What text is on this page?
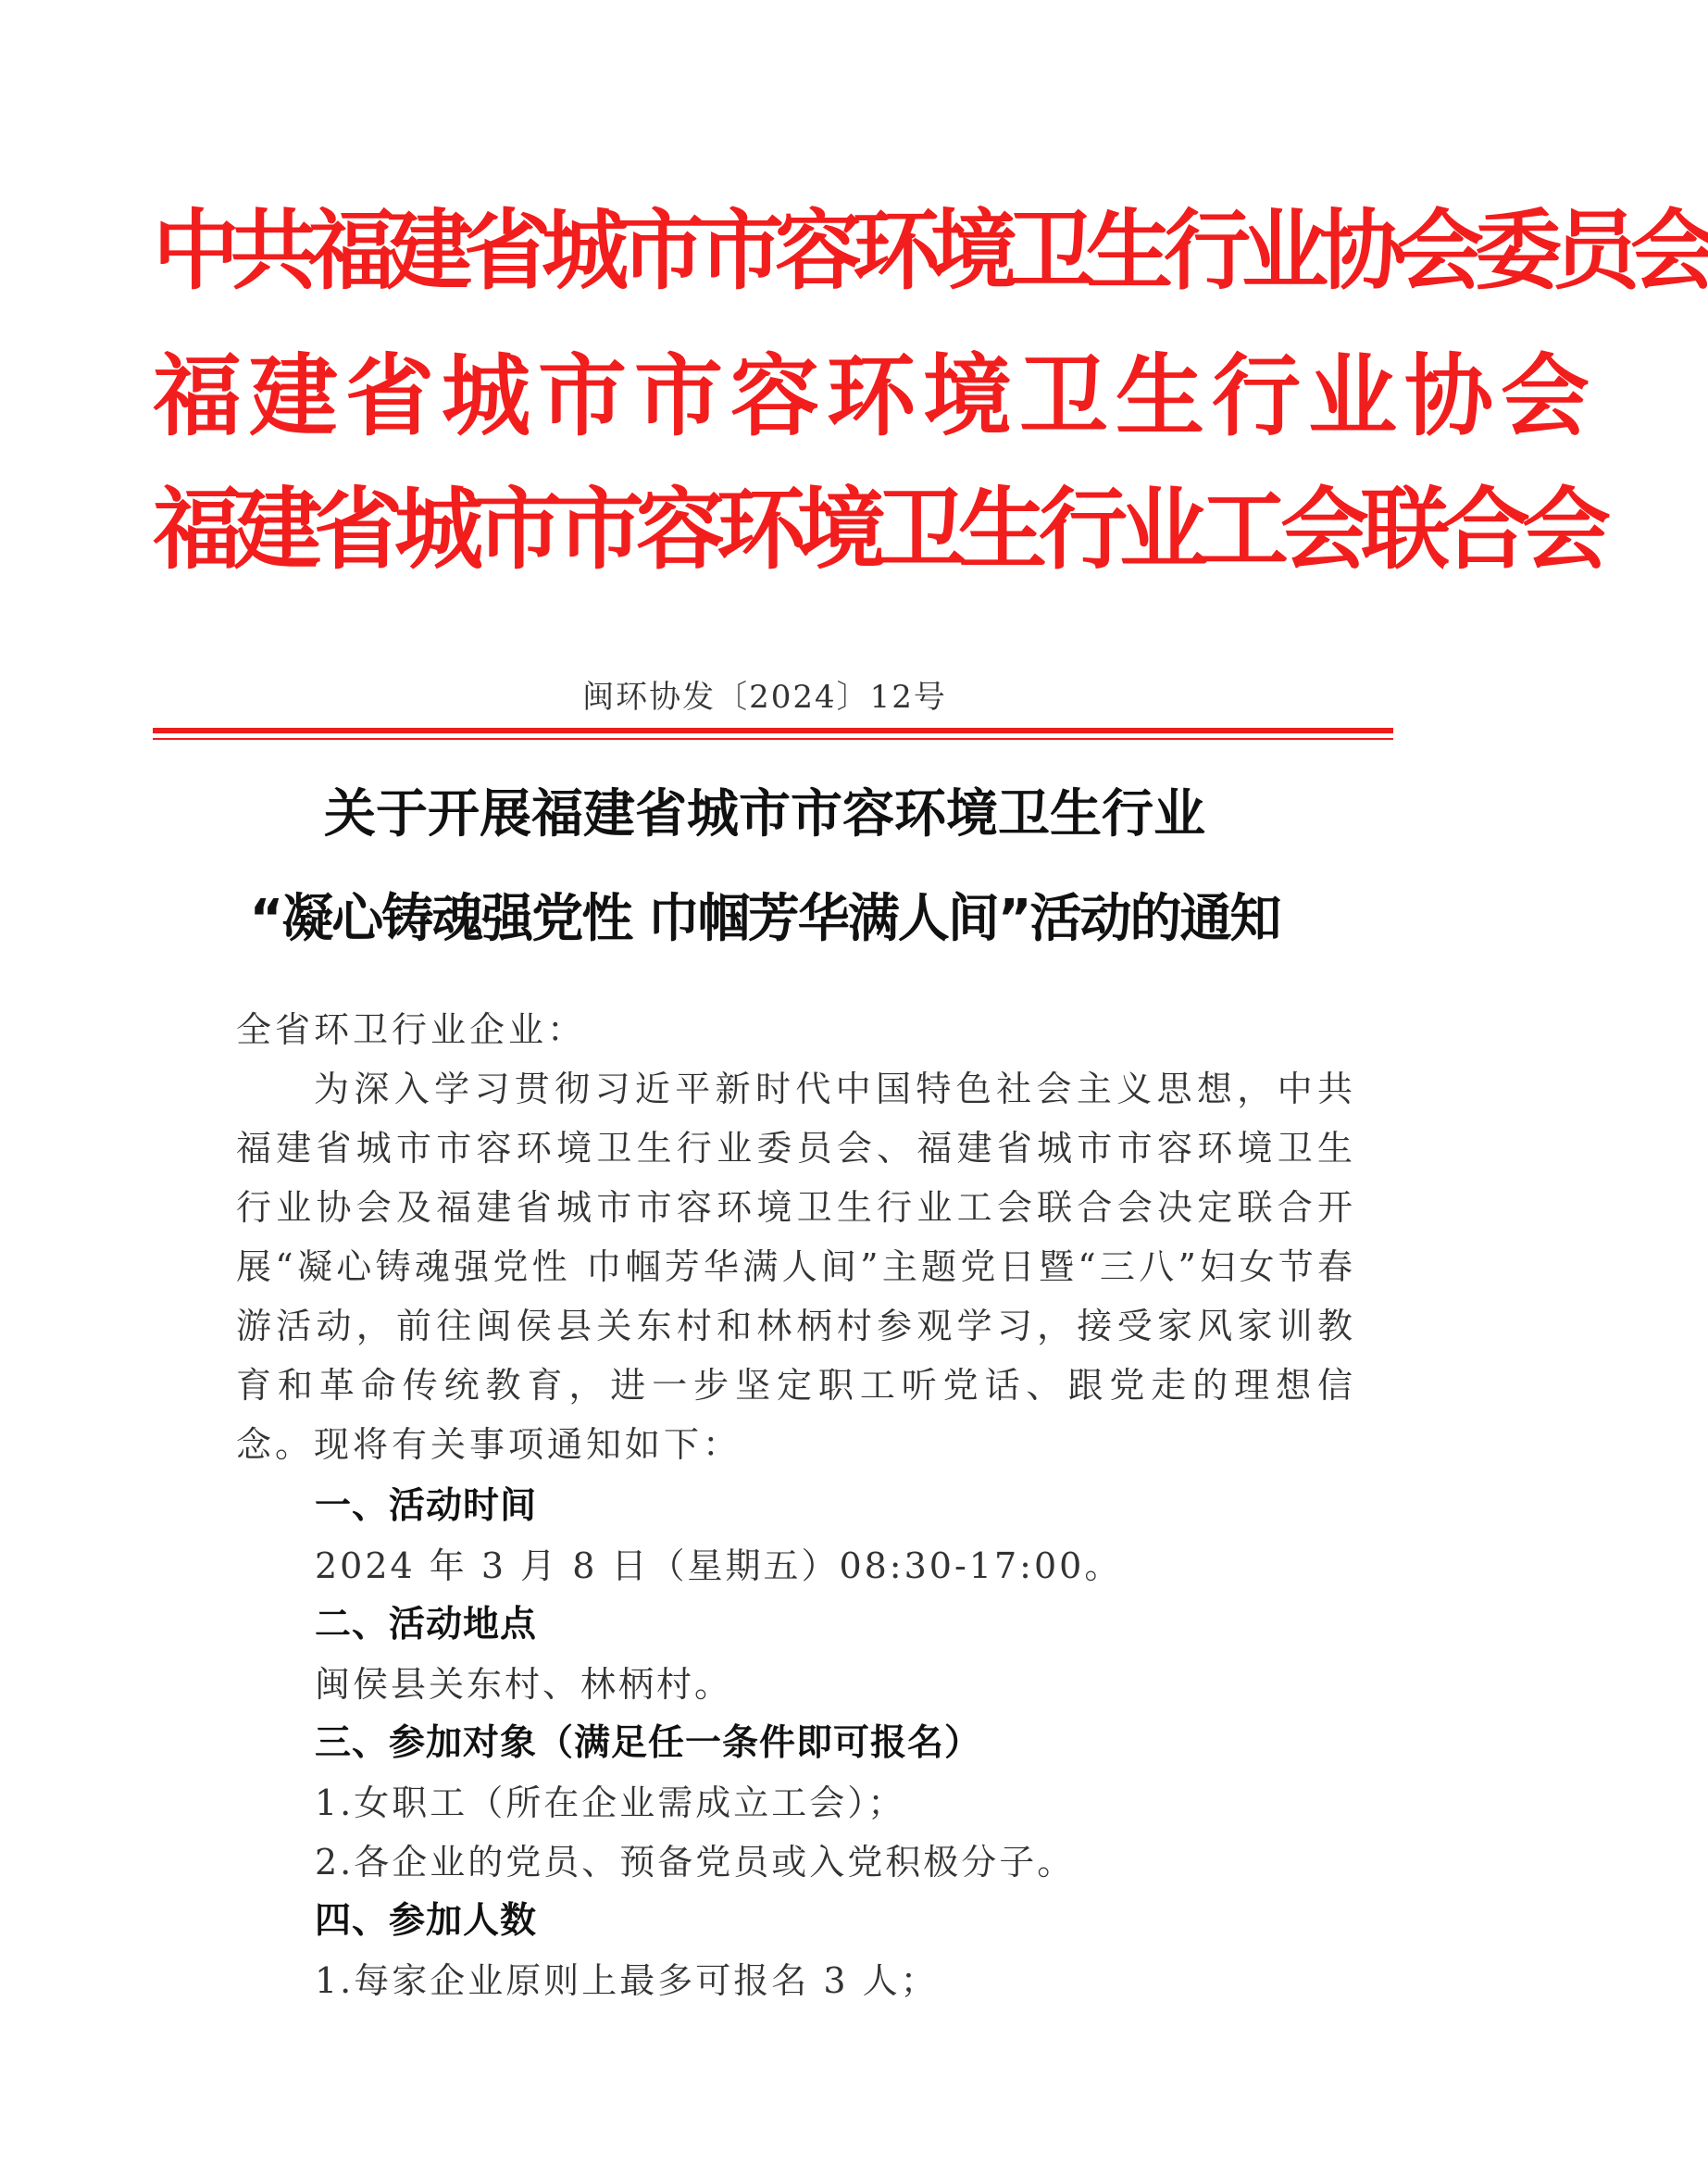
中共福建省城市市容环境卫生行业协会委员会
福建省城市市容环境卫生行业协会
福建省城市市容环境卫生行业工会联合会
闽环协发〔2024〕12号
关于开展福建省城市市容环境卫生行业
“凝心铸魂强党性 巾帼芳华满人间”活动的通知
全省环卫行业企业：
为深入学习贯彻习近平新时代中国特色社会主义思想，中共福建省城市市容环境卫生行业委员会、福建省城市市容环境卫生行业协会及福建省城市市容环境卫生行业工会联合会决定联合开展“凝心铸魂强党性 巾帼芳华满人间”主题党日暨“三八”妇女节春游活动，前往闽侯县关东村和林柄村参观学习，接受家风家训教育和革命传统教育，进一步坚定职工听党话、跟党走的理想信念。现将有关事项通知如下：
一、活动时间
2024 年 3 月 8 日（星期五）08:30-17:00。
二、活动地点
闽侯县关东村、林柄村。
三、参加对象（满足任一条件即可报名）
1.女职工（所在企业需成立工会）；
2.各企业的党员、预备党员或入党积极分子。
四、参加人数
1.每家企业原则上最多可报名 3 人；
